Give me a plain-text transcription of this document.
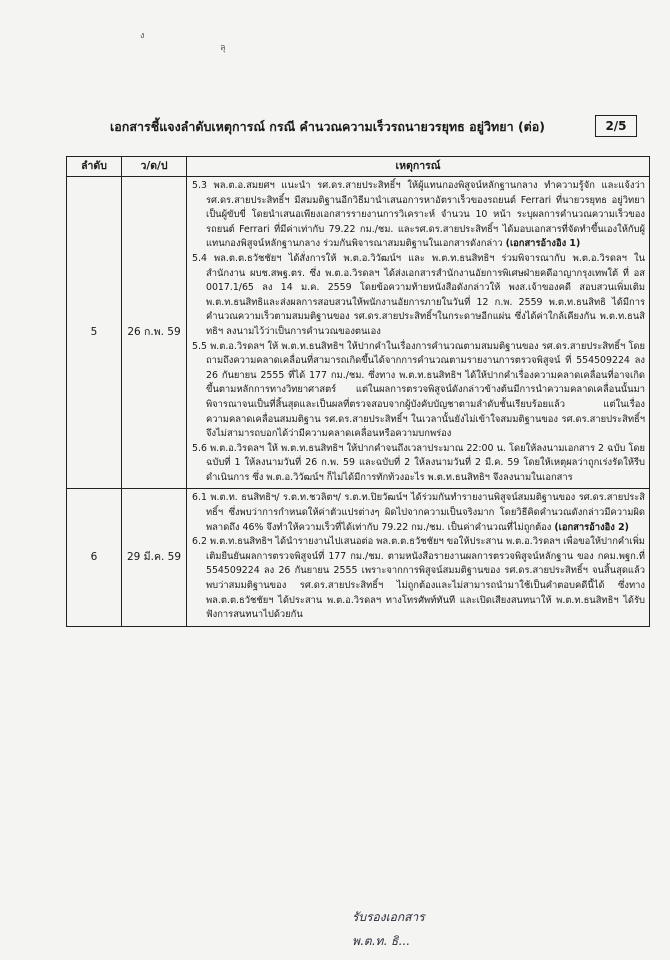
ง
ลุ
เอกสารชี้แจงลำดับเหตุการณ์ กรณี คำนวณความเร็วรถนายวรยุทธ อยู่วิทยา (ต่อ)	2/5
ลำดับ	ว/ด/ป	เหตุการณ์
5	26 ก.พ. 59	5.3 พล.ต.อ.สมยศฯ แนะนำ รศ.ดร.สายประสิทธิ์ฯ ให้ผู้แทนกองพิสูจน์หลักฐานกลาง ทำความรู้จัก และแจ้งว่า รศ.ดร.สายประสิทธิ์ฯ มีสมมติฐานอีกวิธีมานำเสนอการหาอัตราเร็วของรถยนต์ Ferrari ที่นายวรยุทธ อยู่วิทยา เป็นผู้ขับขี่ โดยนำเสนอเพียงเอกสารรายงานการวิเคราะห์ จำนวน 10 หน้า ระบุผลการคำนวณความเร็วของรถยนต์ Ferrari ที่มีค่าเท่ากับ 79.22 กม./ชม. และรศ.ดร.สายประสิทธิ์ฯ ได้มอบเอกสารที่จัดทำขึ้นเองให้กับผู้แทนกองพิสูจน์หลักฐานกลาง ร่วมกันพิจารณาสมมติฐานในเอกสารดังกล่าว (เอกสารอ้างอิง 1)
5.4 พล.ต.ต.ธวัชชัยฯ ได้สั่งการให้ พ.ต.อ.วิวัฒน์ฯ และ พ.ต.ท.ธนสิทธิฯ ร่วมพิจารณากับ พ.ต.อ.วิรดลฯ ในสำนักงาน ผบช.สพฐ.ตร. ซึ่ง พ.ต.อ.วิรดลฯ ได้ส่งเอกสารสำนักงานอัยการพิเศษฝ่ายคดีอาญากรุงเทพใต้ ที่ อส 0017.1/65 ลง 14 ม.ค. 2559 โดยข้อความท้ายหนังสือดังกล่าวให้ พงส.เจ้าของคดี สอบสวนเพิ่มเติมพ.ต.ท.ธนสิทธิและส่งผลการสอบสวนให้พนักงานอัยการภายในวันที่ 12 ก.พ. 2559 พ.ต.ท.ธนสิทธิ ได้มีการคำนวณความเร็วตามสมมติฐานของ รศ.ดร.สายประสิทธิ์ฯในกระดาษอีกแผ่น ซึ่งได้ค่าใกล้เคียงกัน พ.ต.ท.ธนสิทธิฯ ลงนามไว้ว่าเป็นการคำนวณของตนเอง
5.5 พ.ต.อ.วิรดลฯ ให้ พ.ต.ท.ธนสิทธิฯ ให้ปากคำในเรื่องการคำนวณตามสมมติฐานของ รศ.ดร.สายประสิทธิ์ฯ โดยถามถึงความคลาดเคลื่อนที่สามารถเกิดขึ้นได้จากการคำนวณตามรายงานการตรวจพิสูจน์ ที่ 554509224 ลง 26 กันยายน 2555 ที่ได้ 177 กม./ชม. ซึ่งทาง พ.ต.ท.ธนสิทธิฯ ได้ให้ปากคำเรื่องความคลาดเคลื่อนที่อาจเกิดขึ้นตามหลักการทางวิทยาศาสตร์ แต่ในผลการตรวจพิสูจน์ดังกล่าวข้างต้นมีการนำความคลาดเคลื่อนนั้นมาพิจารณาจนเป็นที่สิ้นสุดและเป็นผลที่ตรวจสอบจากผู้บังคับบัญชาตามลำดับชั้นเรียบร้อยแล้ว แต่ในเรื่องความคลาดเคลื่อนสมมติฐาน รศ.ดร.สายประสิทธิ์ฯ ในเวลานั้นยังไม่เข้าใจสมมติฐานของ รศ.ดร.สายประสิทธิ์ฯ จึงไม่สามารถบอกได้ว่ามีความคลาดเคลื่อนหรือความบกพร่อง
5.6 พ.ต.อ.วิรดลฯ ให้ พ.ต.ท.ธนสิทธิฯ ให้ปากคำจนถึงเวลาประมาณ 22:00 น. โดยให้ลงนามเอกสาร 2 ฉบับ โดยฉบับที่ 1 ให้ลงนามวันที่ 26 ก.พ. 59 และฉบับที่ 2 ให้ลงนามวันที่ 2 มี.ค. 59 โดยให้เหตุผลว่าถูกเร่งรัดให้รีบดำเนินการ ซึ่ง พ.ต.อ.วิวัฒน์ฯ ก็ไม่ได้มีการทักท้วงอะไร พ.ต.ท.ธนสิทธิฯ จึงลงนามในเอกสาร

6	29 มี.ค. 59	6.1 พ.ต.ท. ธนสิทธิฯ/ ร.ต.ท.ชวลิตฯ/ ร.ต.ท.ปิยวัฒน์ฯ ได้ร่วมกันทำรายงานพิสูจน์สมมติฐานของ รศ.ดร.สายประสิทธิ์ฯ ซึ่งพบว่าการกำหนดให้ค่าตัวแปรต่างๆ ผิดไปจากความเป็นจริงมาก โดยวิธีคิดคำนวณดังกล่าวมีความผิดพลาดถึง 46% จึงทำให้ความเร็วที่ได้เท่ากับ 79.22 กม./ชม. เป็นค่าคำนวณที่ไม่ถูกต้อง (เอกสารอ้างอิง 2)
6.2 พ.ต.ท.ธนสิทธิฯ ได้นำรายงานไปเสนอต่อ พล.ต.ต.ธวัชชัยฯ ขอให้ประสาน พ.ต.อ.วิรดลฯ เพื่อขอให้ปากคำเพิ่มเติมยืนยันผลการตรวจพิสูจน์ที่ 177 กม./ชม. ตามหนังสือรายงานผลการตรวจพิสูจน์หลักฐาน ของ กคม.พฐก.ที่ 554509224 ลง 26 กันยายน 2555 เพราะจากการพิสูจน์สมมติฐานของ รศ.ดร.สายประสิทธิ์ฯ จนสิ้นสุดแล้ว พบว่าสมมติฐานของ รศ.ดร.สายประสิทธิ์ฯ ไม่ถูกต้องและไม่สามารถนำมาใช้เป็นคำตอบคดีนี้ได้ ซึ่งทางพล.ต.ต.ธวัชชัยฯ ได้ประสาน พ.ต.อ.วิรดลฯ ทางโทรศัพท์ทันที และเปิดเสียงสนทนาให้ พ.ต.ท.ธนสิทธิฯ ได้รับฟังการสนทนาไปด้วยกัน
รับรองเอกสาร
พ.ต.ท. ธิ...
